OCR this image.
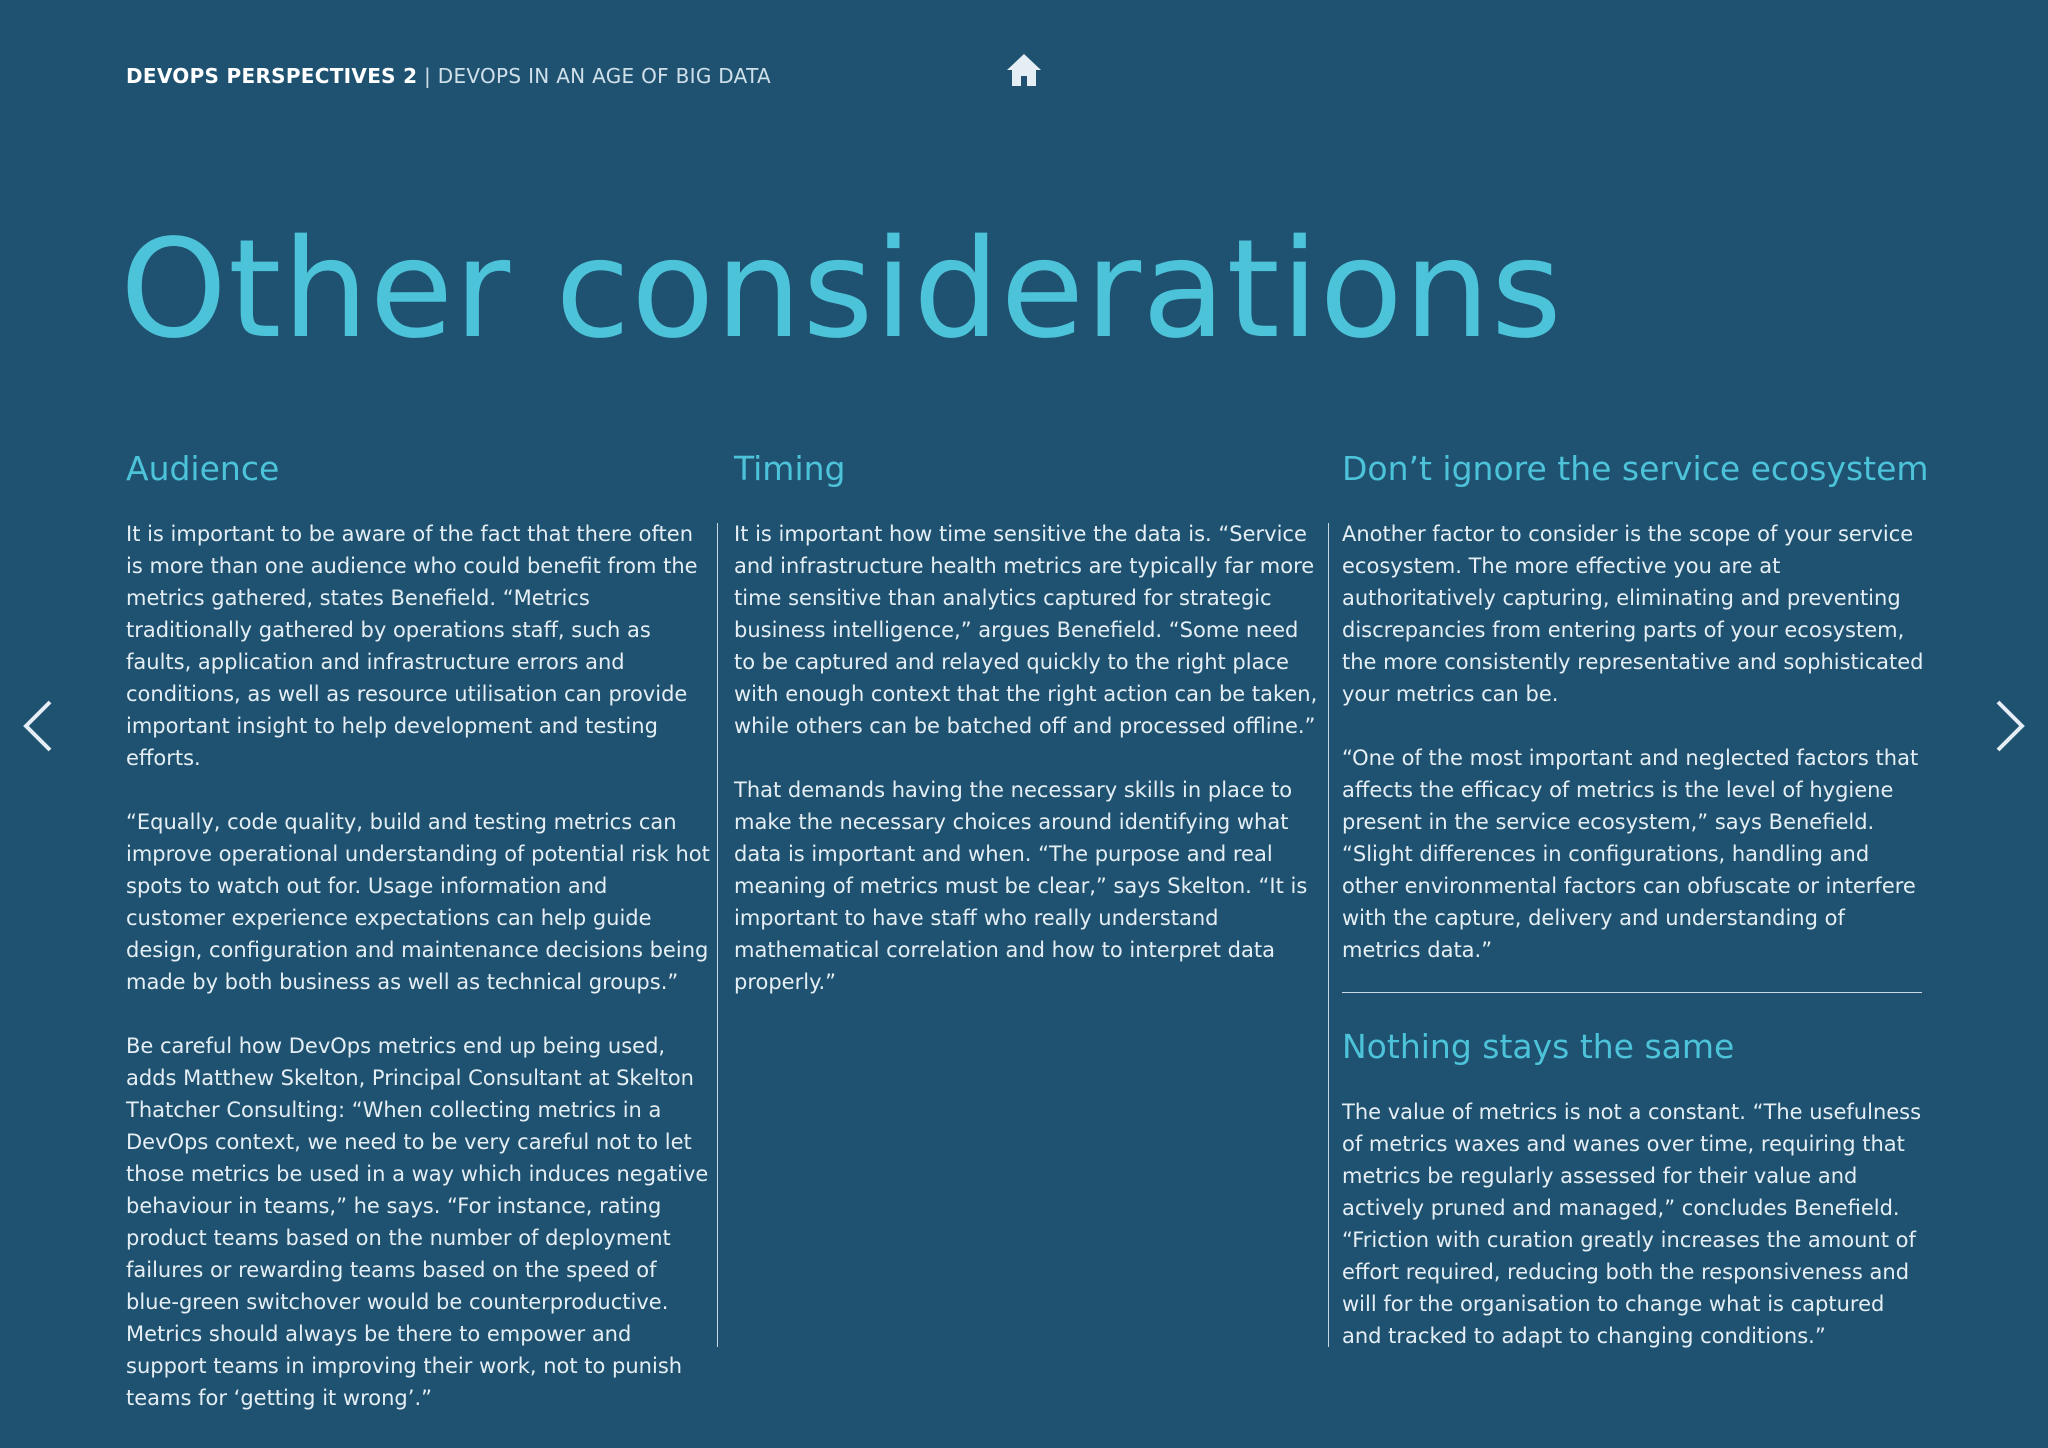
DEVOPS PERSPECTIVES 2 | DEVOPS IN AN AGE OF BIG DATA
Other considerations
Audience

It is important to be aware of the fact that there often is more than one audience who could benefit from the metrics gathered, states Benefield. “Metrics traditionally gathered by operations staff, such as faults, application and infrastructure errors and conditions, as well as resource utilisation can provide important insight to help development and testing efforts.

“Equally, code quality, build and testing metrics can improve operational understanding of potential risk hot spots to watch out for. Usage information and customer experience expectations can help guide design, configuration and maintenance decisions being made by both business as well as technical groups.”

Be careful how DevOps metrics end up being used, adds Matthew Skelton, Principal Consultant at Skelton Thatcher Consulting: “When collecting metrics in a DevOps context, we need to be very careful not to let those metrics be used in a way which induces negative behaviour in teams,” he says. “For instance, rating product teams based on the number of deployment failures or rewarding teams based on the speed of blue-green switchover would be counterproductive. Metrics should always be there to empower and support teams in improving their work, not to punish teams for ‘getting it wrong’.”

Timing

It is important how time sensitive the data is. “Service and infrastructure health metrics are typically far more time sensitive than analytics captured for strategic business intelligence,” argues Benefield. “Some need to be captured and relayed quickly to the right place with enough context that the right action can be taken, while others can be batched off and processed offline.”

That demands having the necessary skills in place to make the necessary choices around identifying what data is important and when. “The purpose and real meaning of metrics must be clear,” says Skelton. “It is important to have staff who really understand mathematical correlation and how to interpret data properly.”

Don’t ignore the service ecosystem

Another factor to consider is the scope of your service ecosystem. The more effective you are at authoritatively capturing, eliminating and preventing discrepancies from entering parts of your ecosystem, the more consistently representative and sophisticated your metrics can be.

“One of the most important and neglected factors that affects the efficacy of metrics is the level of hygiene present in the service ecosystem,” says Benefield. “Slight differences in configurations, handling and other environmental factors can obfuscate or interfere with the capture, delivery and understanding of metrics data.”

Nothing stays the same

The value of metrics is not a constant. “The usefulness of metrics waxes and wanes over time, requiring that metrics be regularly assessed for their value and actively pruned and managed,” concludes Benefield. “Friction with curation greatly increases the amount of effort required, reducing both the responsiveness and will for the organisation to change what is captured and tracked to adapt to changing conditions.”
